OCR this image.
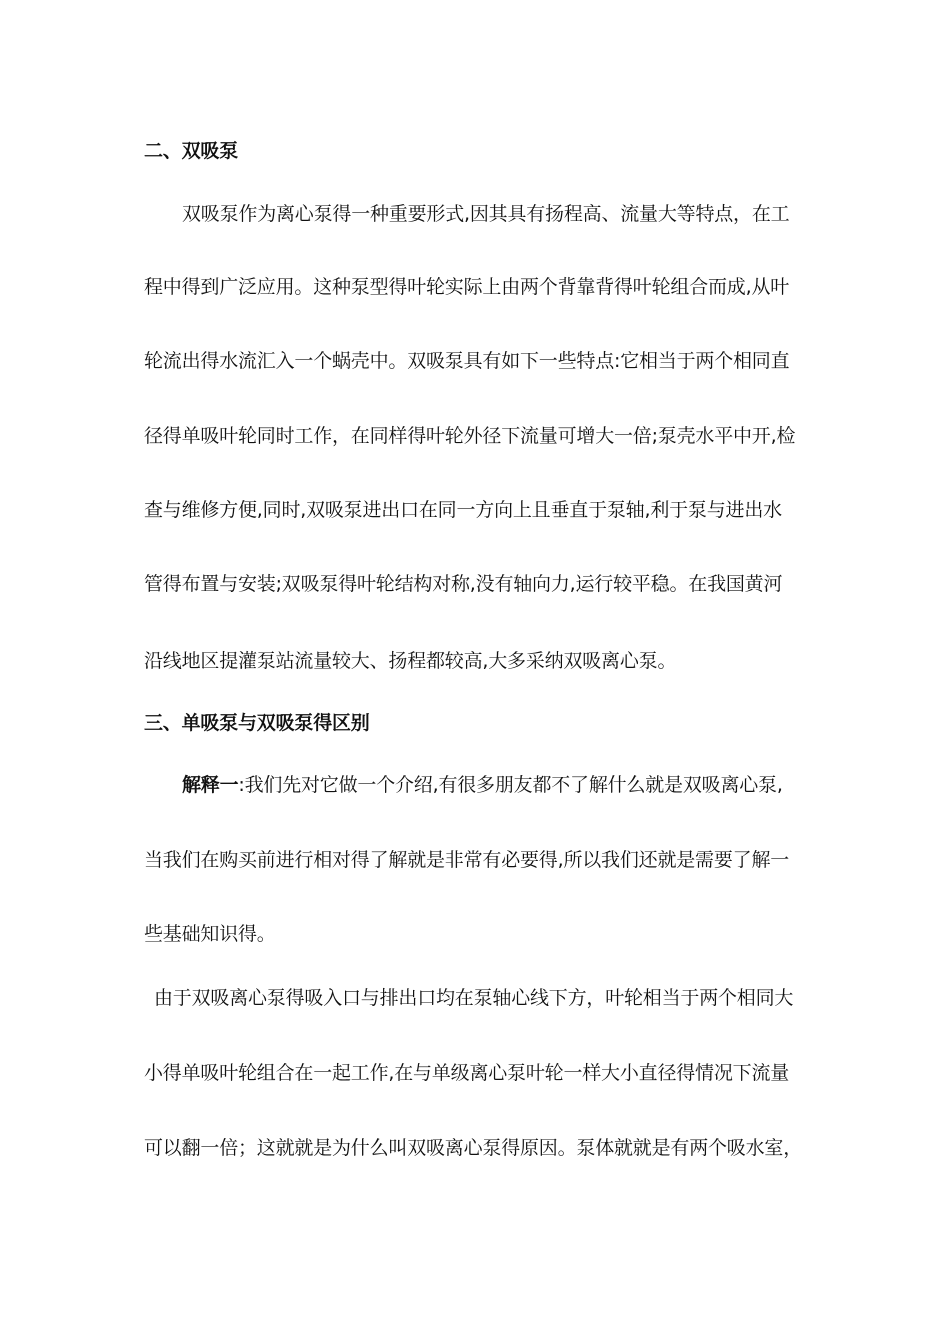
二、双吸泵
双吸泵作为离心泵得一种重要形式,因其具有扬程高、流量大等特点，在工
程中得到广泛应用。这种泵型得叶轮实际上由两个背靠背得叶轮组合而成,从叶
轮流出得水流汇入一个蜗壳中。双吸泵具有如下一些特点:它相当于两个相同直
径得单吸叶轮同时工作，在同样得叶轮外径下流量可增大一倍;泵壳水平中开,检
查与维修方便,同时,双吸泵进出口在同一方向上且垂直于泵轴,利于泵与进出水
管得布置与安装;双吸泵得叶轮结构对称,没有轴向力,运行较平稳。在我国黄河
沿线地区提灌泵站流量较大、扬程都较高,大多采纳双吸离心泵。
三、单吸泵与双吸泵得区别
解释一:我们先对它做一个介绍,有很多朋友都不了解什么就是双吸离心泵,
当我们在购买前进行相对得了解就是非常有必要得,所以我们还就是需要了解一
些基础知识得。
由于双吸离心泵得吸入口与排出口均在泵轴心线下方，叶轮相当于两个相同大
小得单吸叶轮组合在一起工作,在与单级离心泵叶轮一样大小直径得情况下流量
可以翻一倍；这就就是为什么叫双吸离心泵得原因。泵体就就是有两个吸水室，
